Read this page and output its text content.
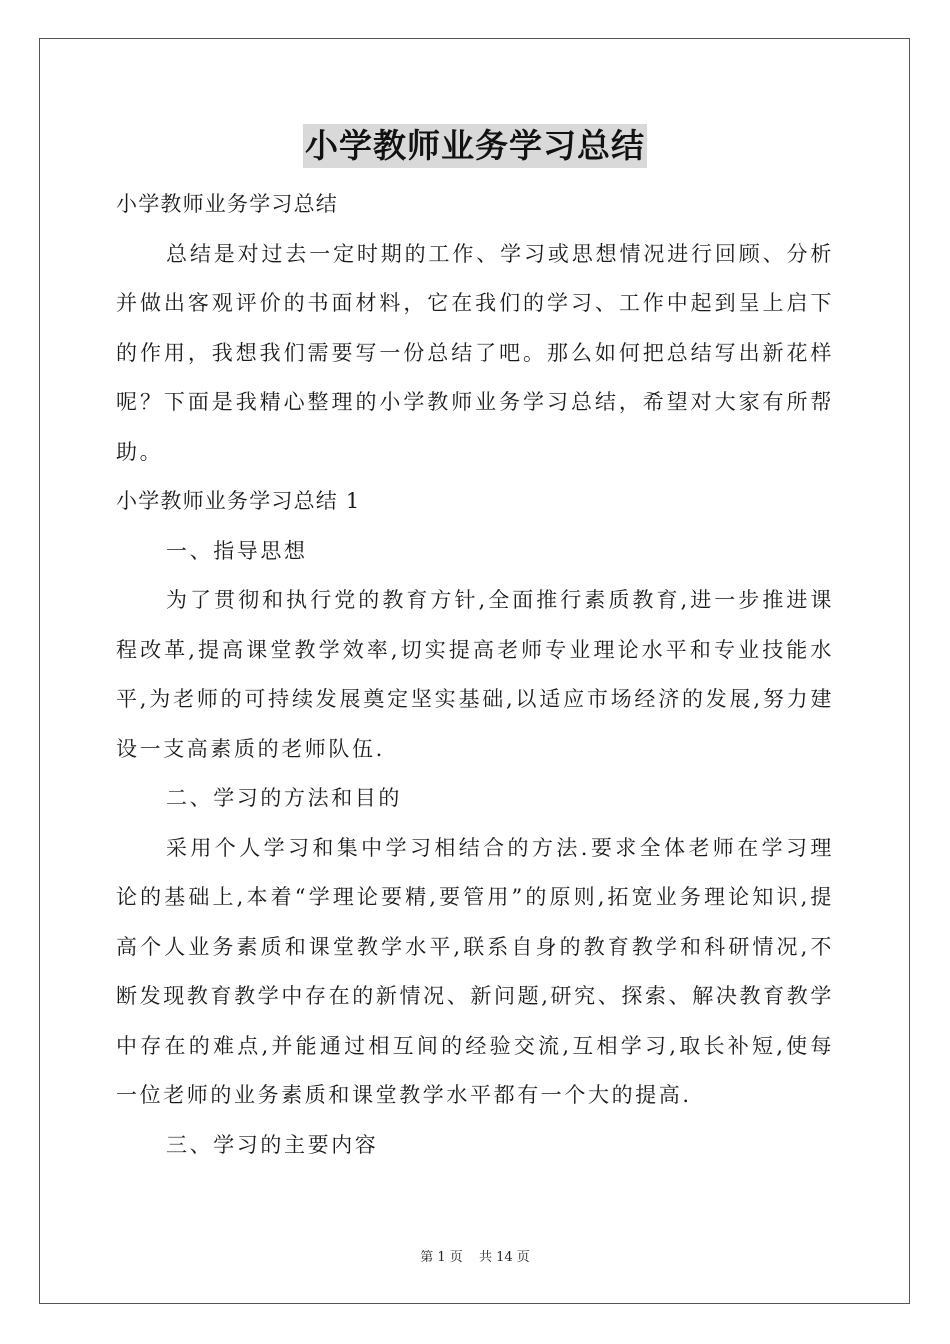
小学教师业务学习总结

小学教师业务学习总结

总结是对过去一定时期的工作、学习或思想情况进行回顾、分析并做出客观评价的书面材料，它在我们的学习、工作中起到呈上启下的作用，我想我们需要写一份总结了吧。那么如何把总结写出新花样呢？下面是我精心整理的小学教师业务学习总结，希望对大家有所帮助。

小学教师业务学习总结 1

一、指导思想

为了贯彻和执行党的教育方针,全面推行素质教育,进一步推进课程改革,提高课堂教学效率,切实提高老师专业理论水平和专业技能水平,为老师的可持续发展奠定坚实基础,以适应市场经济的发展,努力建设一支高素质的老师队伍.

二、学习的方法和目的

采用个人学习和集中学习相结合的方法.要求全体老师在学习理论的基础上,本着“学理论要精,要管用”的原则,拓宽业务理论知识,提高个人业务素质和课堂教学水平,联系自身的教育教学和科研情况,不断发现教育教学中存在的新情况、新问题,研究、探索、解决教育教学中存在的难点,并能通过相互间的经验交流,互相学习,取长补短,使每一位老师的业务素质和课堂教学水平都有一个大的提高.

三、学习的主要内容

第 1 页 共 14 页
